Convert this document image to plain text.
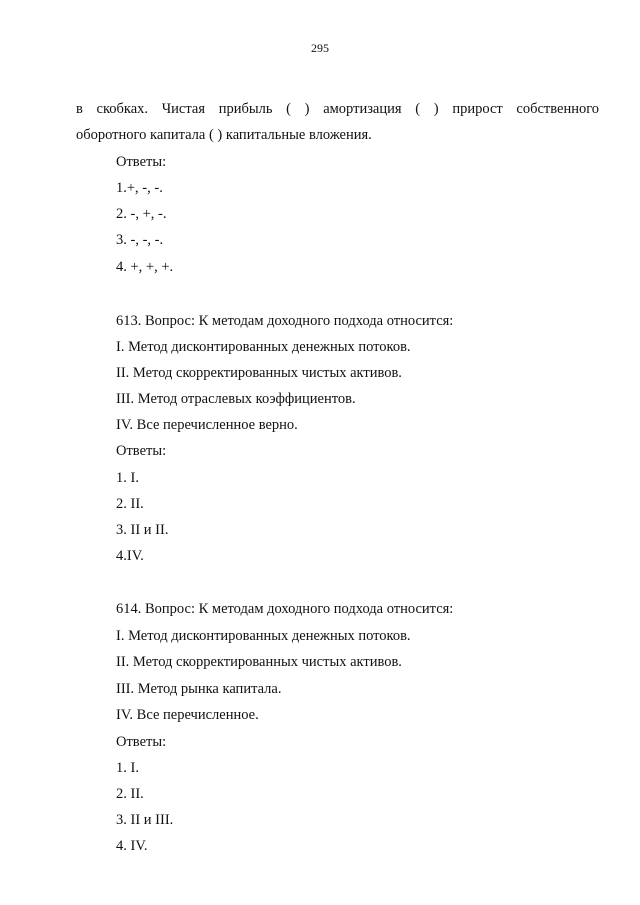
295
в скобках. Чистая прибыль ( ) амортизация ( ) прирост собственного
оборотного капитала ( ) капитальные вложения.
Ответы:
1.+, -, -.
2. -, +, -.
3. -, -, -.
4. +, +, +.
613. Вопрос: К методам доходного подхода относится:
I. Метод дисконтированных денежных потоков.
II. Метод скорректированных чистых активов.
III. Метод отраслевых коэффициентов.
IV. Все перечисленное верно.
Ответы:
1. I.
2. II.
3. II и II.
4.IV.
614. Вопрос: К методам доходного подхода относится:
I. Метод дисконтированных денежных потоков.
II. Метод скорректированных чистых активов.
III. Метод рынка капитала.
IV. Все перечисленное.
Ответы:
1. I.
2. II.
3. II и III.
4. IV.
